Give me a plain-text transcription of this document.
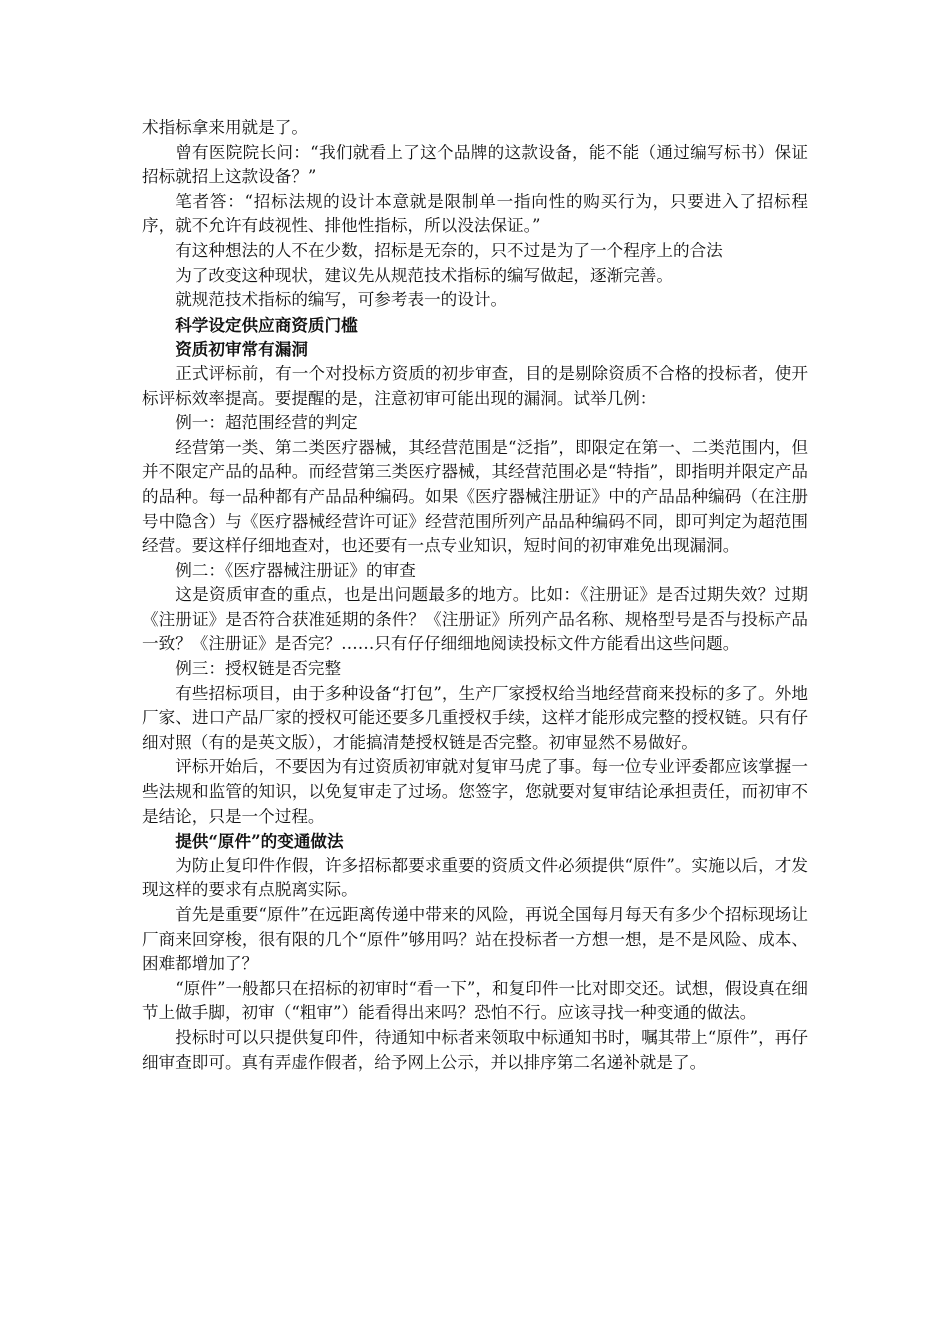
术指标拿来用就是了。

曾有医院院长问：“我们就看上了这个品牌的这款设备，能不能（通过编写标书）保证招标就招上这款设备？”

笔者答：“招标法规的设计本意就是限制单一指向性的购买行为，只要进入了招标程序，就不允许有歧视性、排他性指标，所以没法保证。”

有这种想法的人不在少数，招标是无奈的，只不过是为了一个程序上的合法

为了改变这种现状，建议先从规范技术指标的编写做起，逐渐完善。

就规范技术指标的编写，可参考表一的设计。

科学设定供应商资质门槛

资质初审常有漏洞

正式评标前，有一个对投标方资质的初步审查，目的是剔除资质不合格的投标者，使开标评标效率提高。要提醒的是，注意初审可能出现的漏洞。试举几例：

例一：超范围经营的判定

经营第一类、第二类医疗器械，其经营范围是“泛指”，即限定在第一、二类范围内，但并不限定产品的品种。而经营第三类医疗器械，其经营范围必是“特指”，即指明并限定产品的品种。每一品种都有产品品种编码。如果《医疗器械注册证》中的产品品种编码（在注册号中隐含）与《医疗器械经营许可证》经营范围所列产品品种编码不同，即可判定为超范围经营。要这样仔细地查对，也还要有一点专业知识，短时间的初审难免出现漏洞。

例二：《医疗器械注册证》的审查

这是资质审查的重点，也是出问题最多的地方。比如：《注册证》是否过期失效？过期《注册证》是否符合获准延期的条件？《注册证》所列产品名称、规格型号是否与投标产品一致？《注册证》是否完？……只有仔仔细细地阅读投标文件方能看出这些问题。

例三：授权链是否完整

有些招标项目，由于多种设备“打包”，生产厂家授权给当地经营商来投标的多了。外地厂家、进口产品厂家的授权可能还要多几重授权手续，这样才能形成完整的授权链。只有仔细对照（有的是英文版），才能搞清楚授权链是否完整。初审显然不易做好。

评标开始后，不要因为有过资质初审就对复审马虎了事。每一位专业评委都应该掌握一些法规和监管的知识，以免复审走了过场。您签字，您就要对复审结论承担责任，而初审不是结论，只是一个过程。

提供“原件”的变通做法

为防止复印件作假，许多招标都要求重要的资质文件必须提供“原件”。实施以后，才发现这样的要求有点脱离实际。

首先是重要“原件”在远距离传递中带来的风险，再说全国每月每天有多少个招标现场让厂商来回穿梭，很有限的几个“原件”够用吗？站在投标者一方想一想，是不是风险、成本、困难都增加了？

“原件”一般都只在招标的初审时“看一下”，和复印件一比对即交还。试想，假设真在细节上做手脚，初审（“粗审”）能看得出来吗？恐怕不行。应该寻找一种变通的做法。

投标时可以只提供复印件，待通知中标者来领取中标通知书时，嘱其带上“原件”，再仔细审查即可。真有弄虚作假者，给予网上公示，并以排序第二名递补就是了。
